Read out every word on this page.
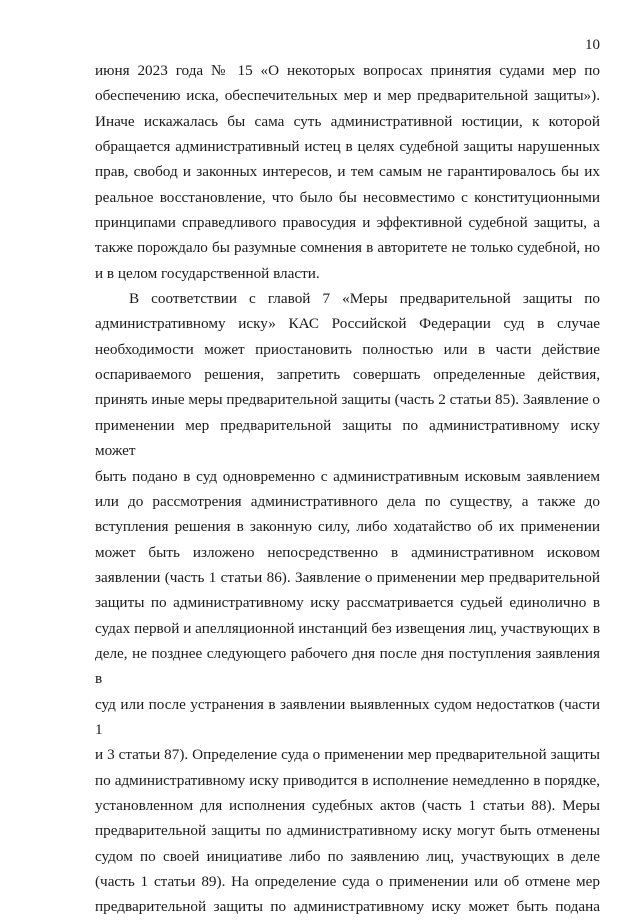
10

июня 2023 года № 15 «О некоторых вопросах принятия судами мер по

обеспечению иска, обеспечительных мер и мер предварительной защиты»).

Иначе искажалась бы сама суть административной юстиции, к которой

обращается административный истец в целях судебной защиты нарушенных

прав, свобод и законных интересов, и тем самым не гарантировалось бы их

реальное восстановление, что было бы несовместимо с конституционными

принципами справедливого правосудия и эффективной судебной защиты, а

также порождало бы разумные сомнения в авторитете не только судебной, но

и в целом государственной власти.

В соответствии с главой 7 «Меры предварительной защиты по

административному иску» КАС Российской Федерации суд в случае

необходимости может приостановить полностью или в части действие

оспариваемого решения, запретить совершать определенные действия,

принять иные меры предварительной защиты (часть 2 статьи 85). Заявление о

применении мер предварительной защиты по административному иску может

быть подано в суд одновременно с административным исковым заявлением

или до рассмотрения административного дела по существу, а также до

вступления решения в законную силу, либо ходатайство об их применении

может быть изложено непосредственно в административном исковом

заявлении (часть 1 статьи 86). Заявление о применении мер предварительной

защиты по административному иску рассматривается судьей единолично в

судах первой и апелляционной инстанций без извещения лиц, участвующих в

деле, не позднее следующего рабочего дня после дня поступления заявления в

суд или после устранения в заявлении выявленных судом недостатков (части 1

и 3 статьи 87). Определение суда о применении мер предварительной защиты

по административному иску приводится в исполнение немедленно в порядке,

установленном для исполнения судебных актов (часть 1 статьи 88). Меры

предварительной защиты по административному иску могут быть отменены

судом по своей инициативе либо по заявлению лиц, участвующих в деле

(часть 1 статьи 89). На определение суда о применении или об отмене мер

предварительной защиты по административному иску может быть подана
